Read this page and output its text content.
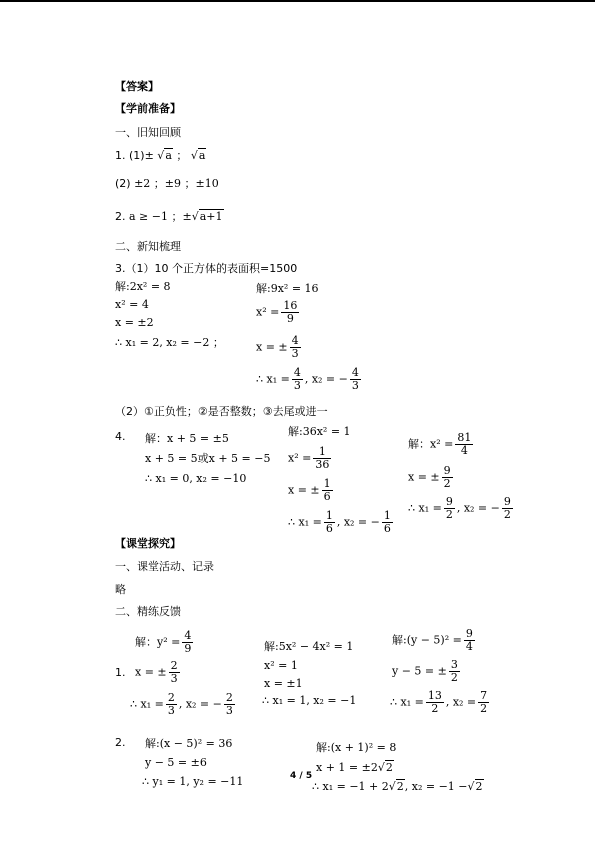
【答案】
【学前准备】
一、旧知回顾
1. (1)± √a ； √a
(2) ±2 ；±9 ；±10
2. a ≥ −1 ；±√a+1
二、新知梳理
3.（1）10 个正方体的表面积=1500
解:2x² = 8
x² = 4
x = ±2
∴ x₁ = 2, x₂ = −2 ；
解:9x² = 16
$x^2 = \frac{16}{9}$
x = ± $\frac{4}{3}$
∴ $x_1 = \frac{4}{3}$ , x₂ = − $\frac{4}{3}$
（2）①正负性；②是否整数；③去尾或进一
4. 解：x + 5 = ±5
x + 5 = 5或x + 5 = −5
∴ x₁ = 0, x₂ = −10
解:36x² = 1
$x^2 = \frac{1}{36}$
x = ± $\frac{1}{6}$
∴ $x_1 = \frac{1}{6}$ , x₂ = − $\frac{1}{6}$
解：$x^2 = \frac{81}{4}$
x = ± $\frac{9}{2}$
∴ $x_1 = \frac{9}{2}$ , x₂ = − $\frac{9}{2}$
【课堂探究】
一、课堂活动、记录
略
二、精练反馈
解：$y^2 = \frac{4}{9}$
1. x = ± $\frac{2}{3}$
∴ $x_1 = \frac{2}{3}$ , x₂ = − $\frac{2}{3}$
解:5x² − 4x² = 1
x² = 1
x = ±1
∴ x₁ = 1, x₂ = −1
解:(y − $5)^2 = \frac{9}{4}$
y − 5 = ± $\frac{3}{2}$
∴ $x_1 = \frac{13}{2}$ , $x_2 = \frac{7}{2}$
2. 解:(x − 5)² = 36
y − 5 = ±6
∴ y₁ = 1, y₂ = −11
解:(x + 1)² = 8
x + 1 = ±2√2
∴ x₁ = −1 + 2√2, x₂ = −1 −√2
4 / 5
